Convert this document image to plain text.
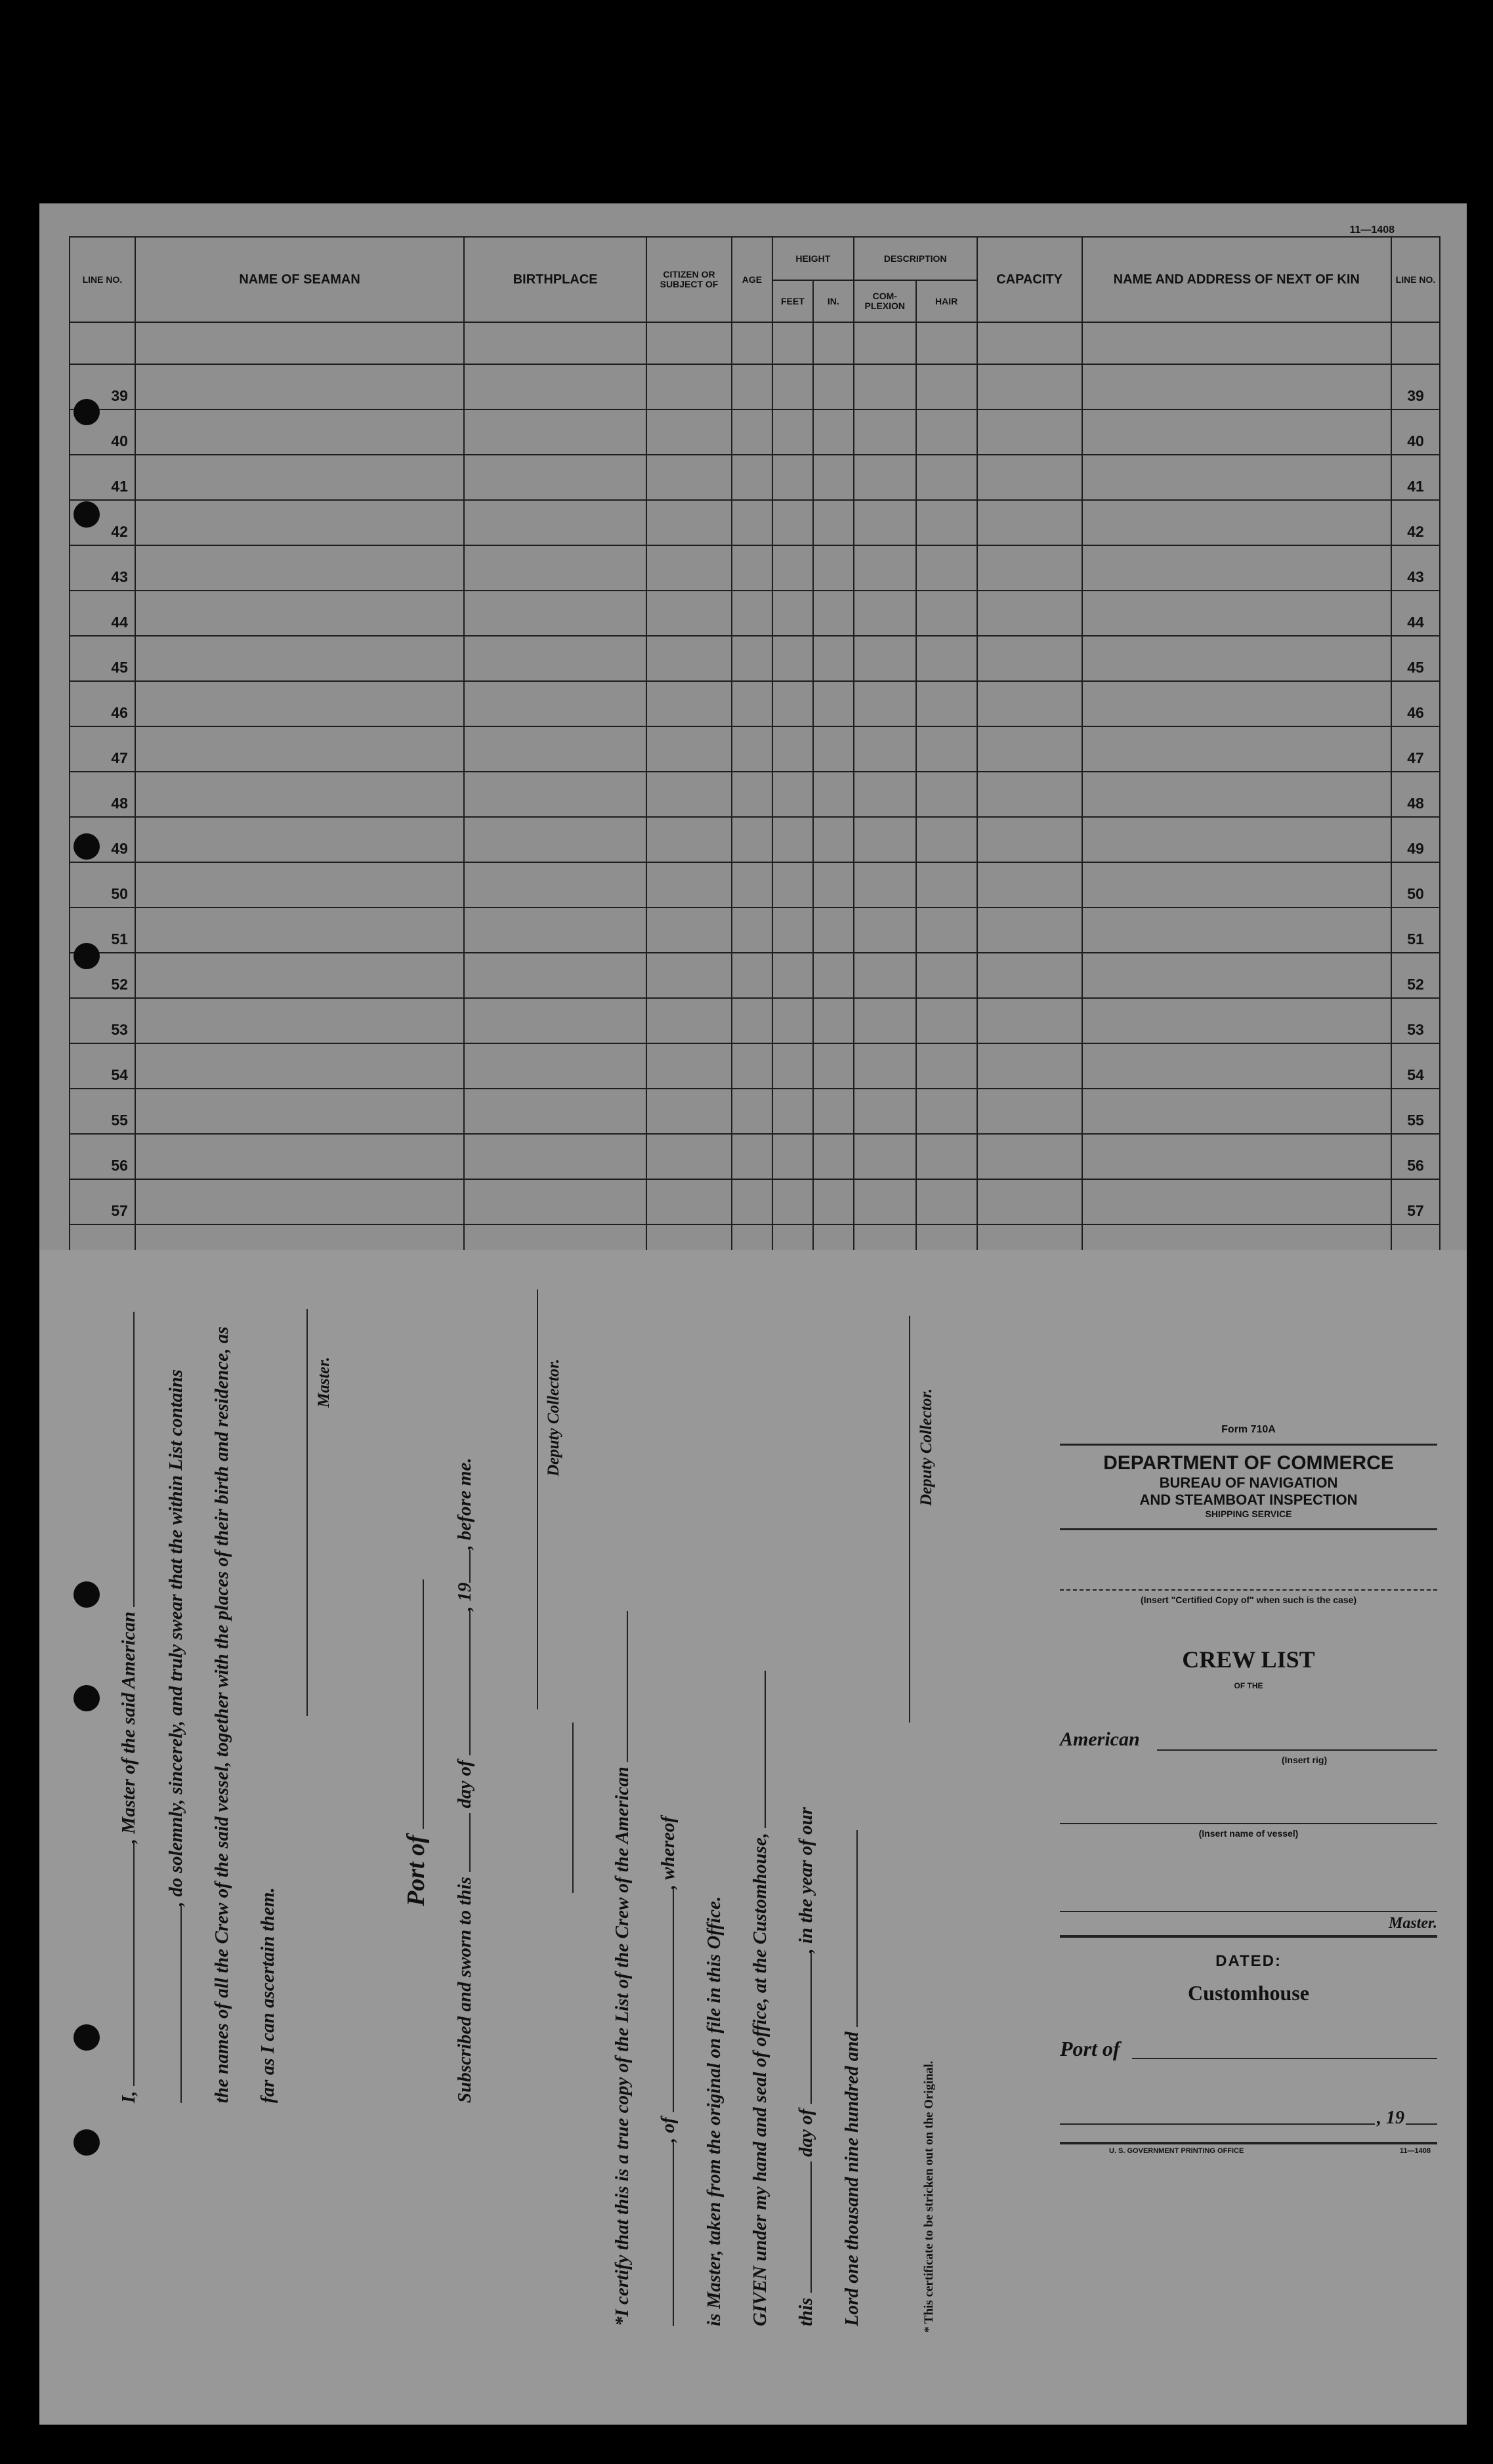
11—1408
LINE NO.	NAME OF SEAMAN	BIRTHPLACE	CITIZEN OR SUBJECT OF	AGE	HEIGHT		DESCRIPTION		CAPACITY	NAME AND ADDRESS OF NEXT OF KIN	LINE NO.
					FEET	IN.	COM-PLEXION	HAIR			

39											39
40											40
41											41
42											42
43											43
44											44
45											45
46											46
47											47
48											48
49											49
50											50
51											51
52											52
53											53
54											54
55											55
56											56
57											57

I, , Master of the said American , do solemnly, sincerely, and truly swear that the within List contains the names of all the Crew of the said vessel, together with the places of their birth and residence, as far as I can ascertain them.
Master.
Port of
Subscribed and sworn to this  day of , 19, before me.
Deputy Collector.
*I certify that this is a true copy of the List of the Crew of the American , of , whereof
is Master, taken from the original on file in this Office. GIVEN under my hand and seal of office, at the Customhouse, this  day of , in the year of our
Lord one thousand nine hundred and
Deputy Collector.
* This certificate to be stricken out on the Original.
Form 710A
DEPARTMENT OF COMMERCE
BUREAU OF NAVIGATION
AND STEAMBOAT INSPECTION
SHIPPING SERVICE
(Insert "Certified Copy of" when such is the case)
CREW LIST
OF THE
American
(Insert rig)
(Insert name of vessel)
Master.
DATED:
Customhouse
Port of
, 19
U. S. GOVERNMENT PRINTING OFFICE	11—1408
